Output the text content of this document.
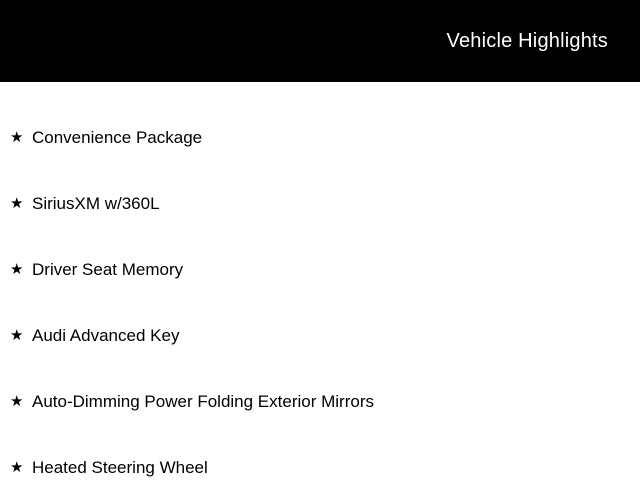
Vehicle Highlights
★ Convenience Package
★ SiriusXM w/360L
★ Driver Seat Memory
★ Audi Advanced Key
★ Auto-Dimming Power Folding Exterior Mirrors
★ Heated Steering Wheel
